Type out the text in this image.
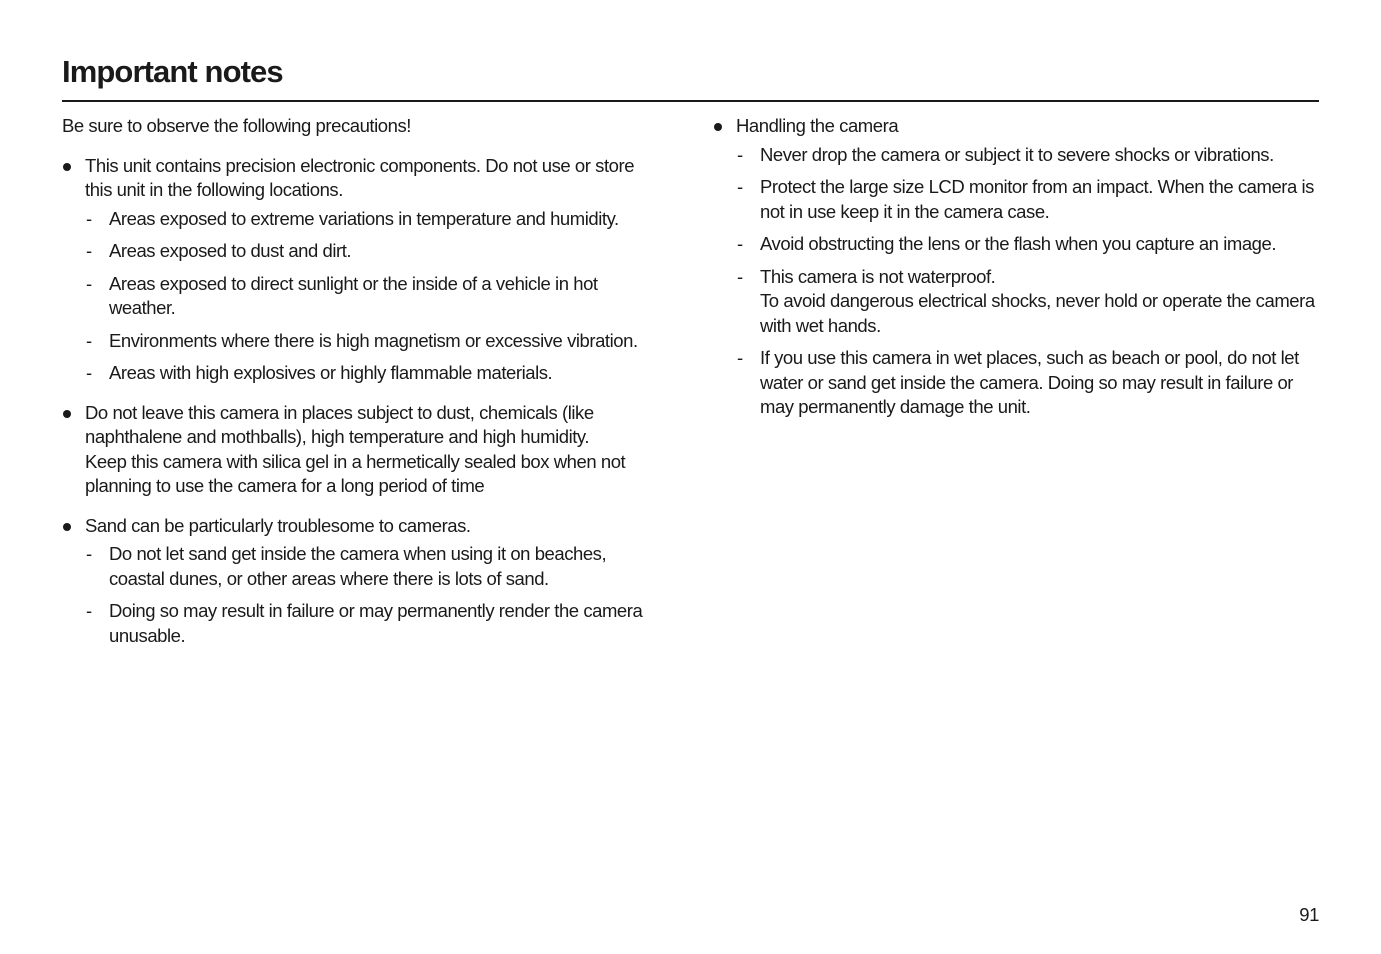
Important notes

Be sure to observe the following precautions!

This unit contains precision electronic components. Do not use or store this unit in the following locations.

- Areas exposed to extreme variations in temperature and humidity.
- Areas exposed to dust and dirt.
- Areas exposed to direct sunlight or the inside of a vehicle in hot weather.
- Environments where there is high magnetism or excessive vibration.
- Areas with high explosives or highly flammable materials.

Do not leave this camera in places subject to dust, chemicals (like naphthalene and mothballs), high temperature and high humidity.
Keep this camera with silica gel in a hermetically sealed box when not planning to use the camera for a long period of time

Sand can be particularly troublesome to cameras.

- Do not let sand get inside the camera when using it on beaches, coastal dunes, or other areas where there is lots of sand.
- Doing so may result in failure or may permanently render the camera unusable.

Handling the camera

- Never drop the camera or subject it to severe shocks or vibrations.
- Protect the large size LCD monitor from an impact. When the camera is not in use keep it in the camera case.
- Avoid obstructing the lens or the flash when you capture an image.
- This camera is not waterproof.
To avoid dangerous electrical shocks, never hold or operate the camera with wet hands.
- If you use this camera in wet places, such as beach or pool, do not let water or sand get inside the camera. Doing so may result in failure or may permanently damage the unit.
91
